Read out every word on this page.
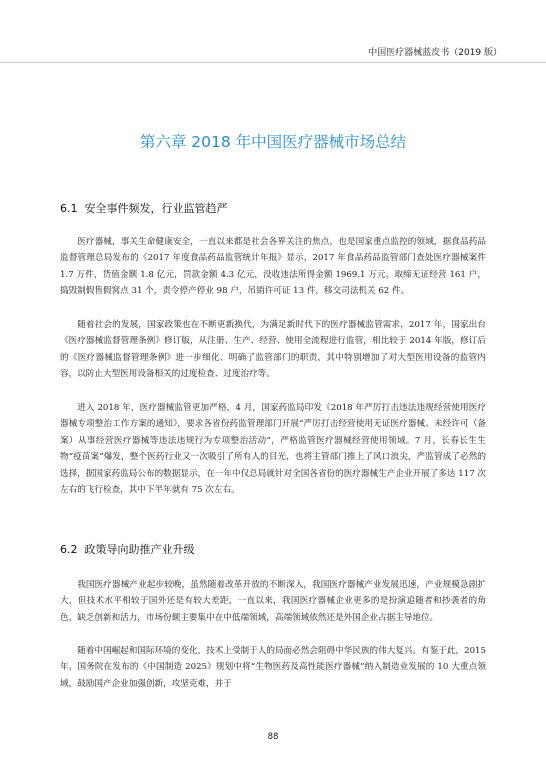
中国医疗器械蓝皮书（2019 版）
第六章 2018 年中国医疗器械市场总结
6.1 安全事件频发，行业监管趋严
医疗器械，事关生命健康安全，一直以来都是社会各界关注的焦点，也是国家重点监控的领域，据食品药品监督管理总局发布的《2017 年度食品药品监管统计年报》显示，2017 年食品药品监管部门查处医疗器械案件 1.7 万件，货值金额 1.8 亿元，罚款金额 4.3 亿元，没收违法所得金额 1969.1 万元，取缔无证经营 161 户，捣毁制假售假窝点 31 个，责令停产停业 98 户，吊销许可证 13 件，移交司法机关 62 件。
随着社会的发展，国家政策也在不断更新换代，为满足新时代下的医疗器械监管需求，2017 年，国家出台《医疗器械监督管理条例》修订版，从注册、生产、经营、使用全流程进行监管，相比较于 2014 年版，修订后的《医疗器械监督管理条例》进一步细化、明确了监管部门的职责，其中特别增加了对大型医用设备的监管内容，以防止大型医用设备相关的过度检查、过度治疗等。
进入 2018 年，医疗器械监管更加严格，4 月，国家药监局印发《2018 年严厉打击违法违规经营使用医疗器械专项整治工作方案的通知》，要求各省份药监管理部门开展“严厉打击经营使用无证医疗器械、未经许可（备案）从事经营医疗器械等违法违规行为专项整治活动”，严格监管医疗器械经营使用领域。7 月，长春长生生物“疫苗案”爆发，整个医药行业又一次吸引了所有人的目光，也将主管部门推上了风口浪尖，严监管成了必然的选择，据国家药监局公布的数据显示，在一年中仅总局就针对全国各省份的医疗器械生产企业开展了多达 117 次左右的飞行检查，其中下半年就有 75 次左右。
6.2 政策导向助推产业升级
我国医疗器械产业起步较晚，虽然随着改革开放的不断深入，我国医疗器械产业发展迅速，产业规模急剧扩大，但技术水平相较于国外还是有较大差距，一直以来，我国医疗器械企业更多的是扮演追随者和抄袭者的角色，缺乏创新和活力，市场份额主要集中在中低端领域，高端领域依然还是外国企业占据主导地位。
随着中国崛起和国际环境的变化，技术上受制于人的局面必然会阻碍中华民族的伟大复兴。有鉴于此，2015 年，国务院在发布的《中国制造 2025》规划中将“生物医药及高性能医疗器械”纳入制造业发展的 10 大重点领域，鼓励国产企业加强创新，攻坚克难，并于
88
